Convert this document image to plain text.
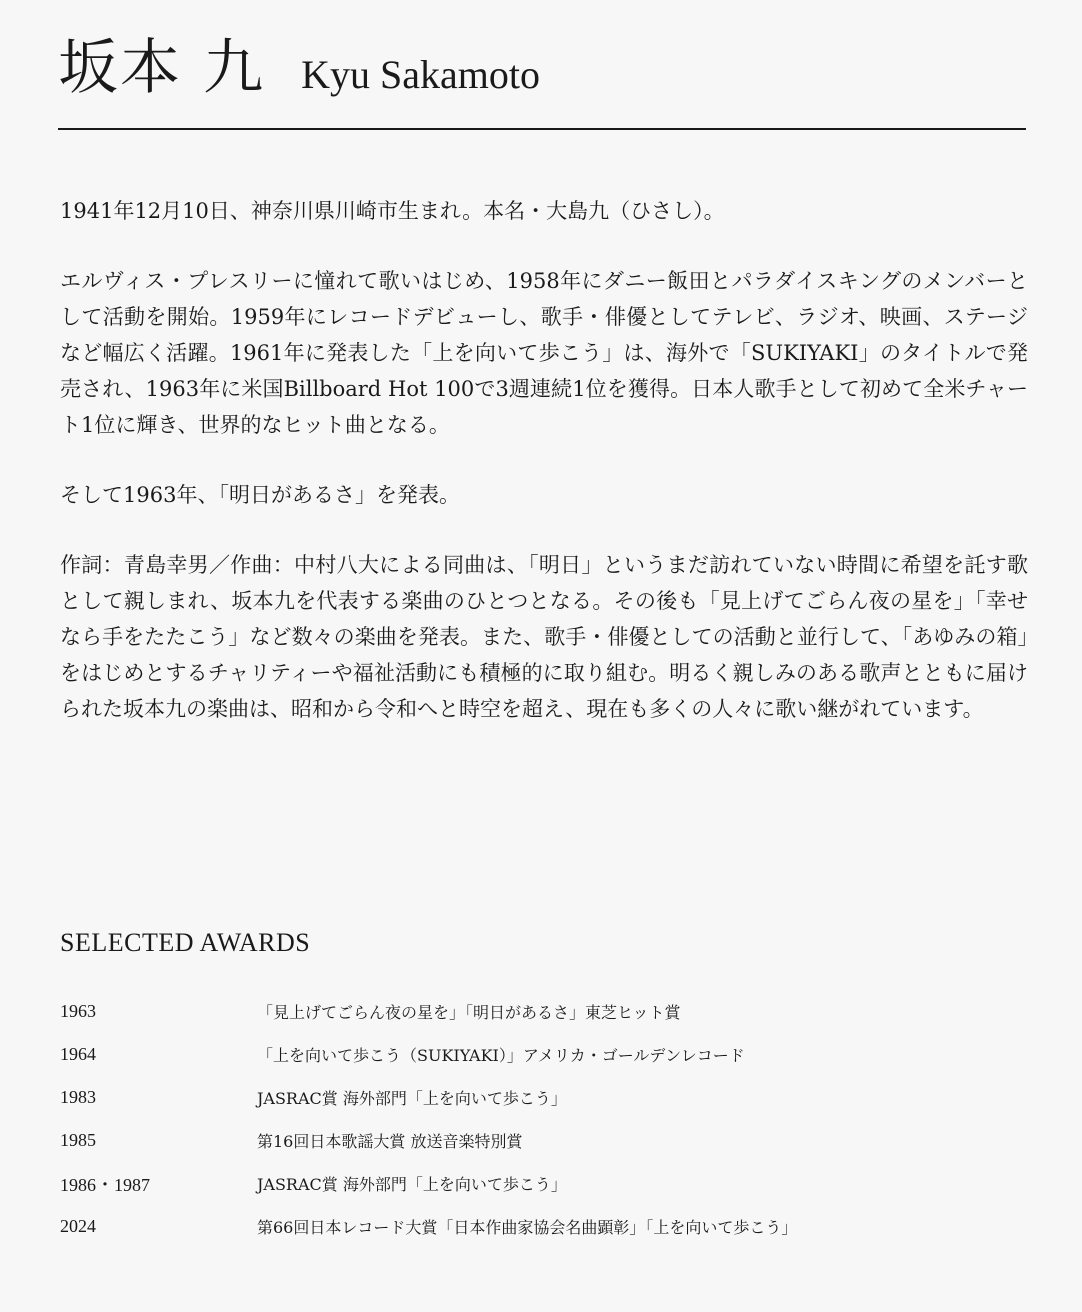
坂本 九 Kyu Sakamoto

1941年12月10日、神奈川県川崎市生まれ。本名・大島九（ひさし）。

エルヴィス・プレスリーに憧れて歌いはじめ、1958年にダニー飯田とパラダイスキングのメンバーとして活動を開始。1959年にレコードデビューし、歌手・俳優としてテレビ、ラジオ、映画、ステージなど幅広く活躍。1961年に発表した「上を向いて歩こう」は、海外で「SUKIYAKI」のタイトルで発売され、1963年に米国Billboard Hot 100で3週連続1位を獲得。日本人歌手として初めて全米チャート1位に輝き、世界的なヒット曲となる。

そして1963年、「明日があるさ」を発表。

作詞：青島幸男／作曲：中村八大による同曲は、「明日」というまだ訪れていない時間に希望を託す歌として親しまれ、坂本九を代表する楽曲のひとつとなる。その後も「見上げてごらん夜の星を」「幸せなら手をたたこう」など数々の楽曲を発表。また、歌手・俳優としての活動と並行して、「あゆみの箱」をはじめとするチャリティーや福祉活動にも積極的に取り組む。明るく親しみのある歌声とともに届けられた坂本九の楽曲は、昭和から令和へと時空を超え、現在も多くの人々に歌い継がれています。

SELECTED AWARDS
1963	「見上げてごらん夜の星を」「明日があるさ」東芝ヒット賞
1964	「上を向いて歩こう（SUKIYAKI）」アメリカ・ゴールデンレコード
1983	JASRAC賞 海外部門「上を向いて歩こう」
1985	第16回日本歌謡大賞 放送音楽特別賞
1986・1987	JASRAC賞 海外部門「上を向いて歩こう」
2024	第66回日本レコード大賞「日本作曲家協会名曲顕彰」「上を向いて歩こう」
